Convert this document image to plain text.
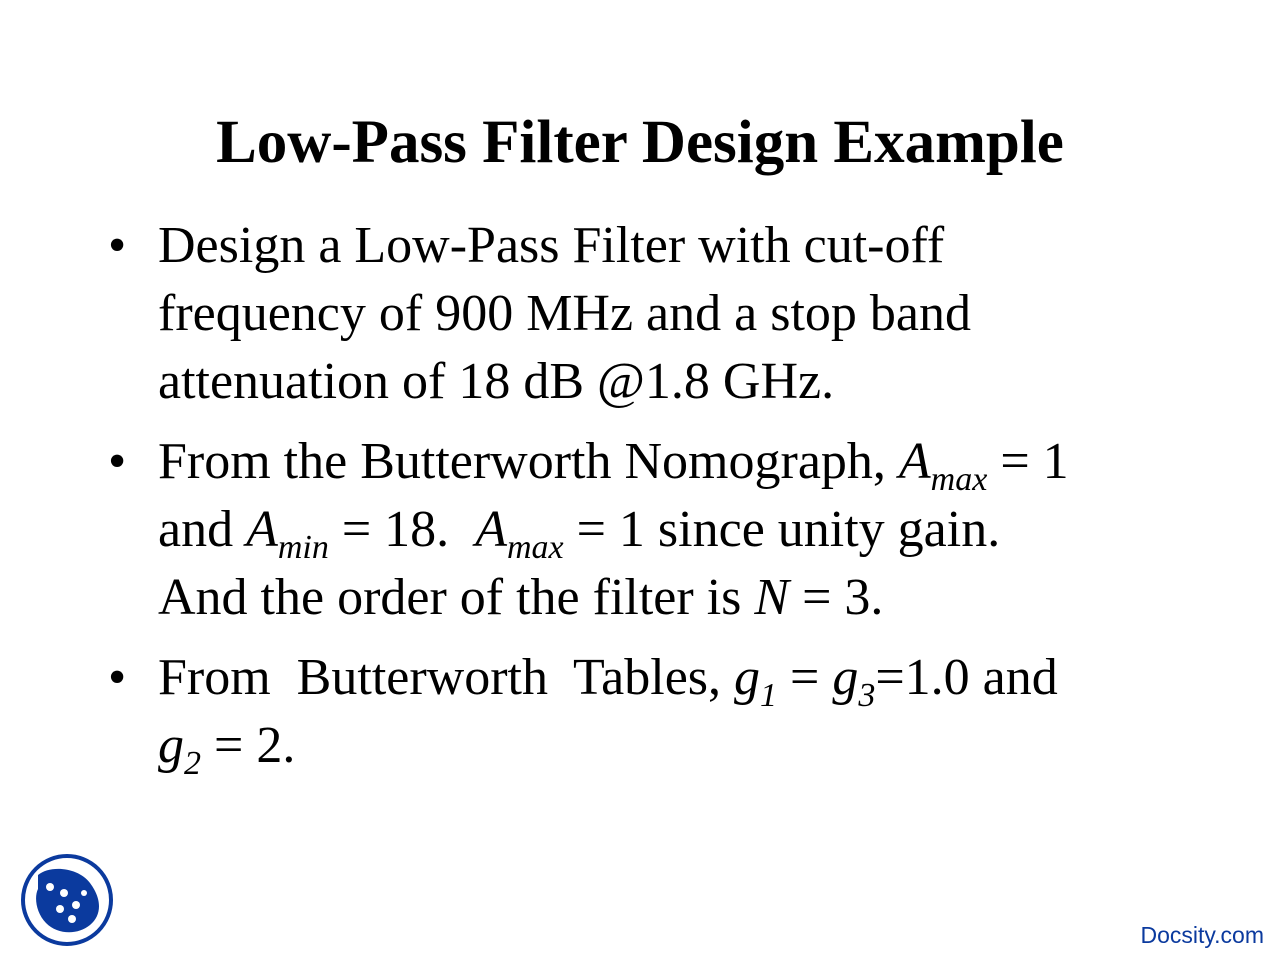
Low-Pass Filter Design Example
• Design a Low-Pass Filter with cut-off
frequency of 900 MHz and a stop band
attenuation of 18 dB @1.8 GHz.
• From the Butterworth Nomograph, $A_{max} = 1$
and $A_{min} = 18$.  $A_{max} = 1$ since unity gain.
And the order of the filter is N = 3.
• From  Butterworth  Tables, $g_1 = g_3=1.0$ and
$g_2 = 2$.
Docsity.com
